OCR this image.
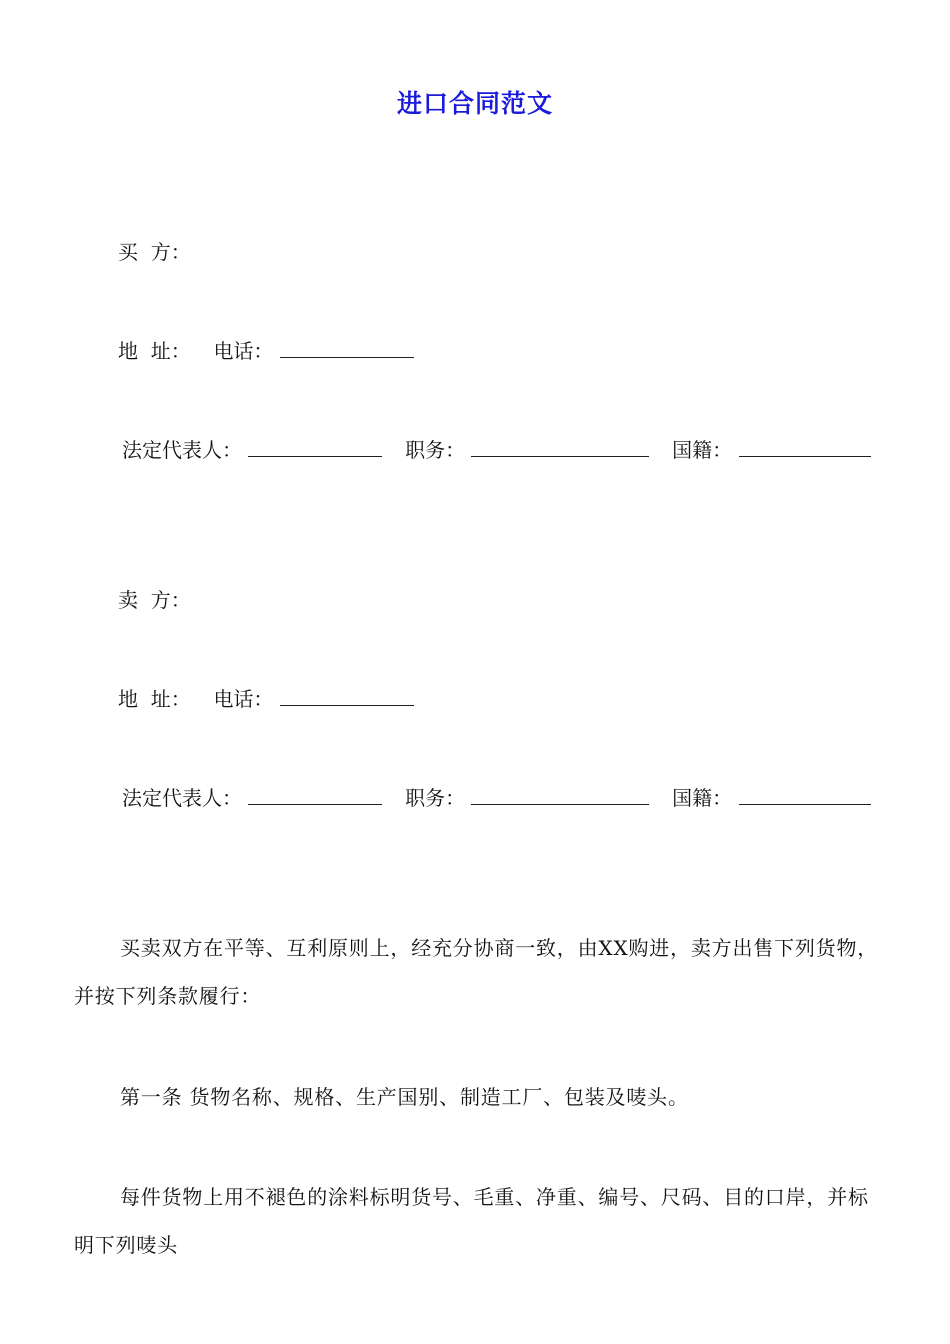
进口合同范文
买  方：
地  址： 电话：
法定代表人：	职务：	国籍：
卖  方：
地  址： 电话：
法定代表人：	职务：	国籍：
买卖双方在平等、互利原则上，经充分协商一致，由XX购进，卖方出售下列货物，并按下列条款履行：
第一条 货物名称、规格、生产国别、制造工厂、包装及唛头。
每件货物上用不褪色的涂料标明货号、毛重、净重、编号、尺码、目的口岸，并标明下列唛头
